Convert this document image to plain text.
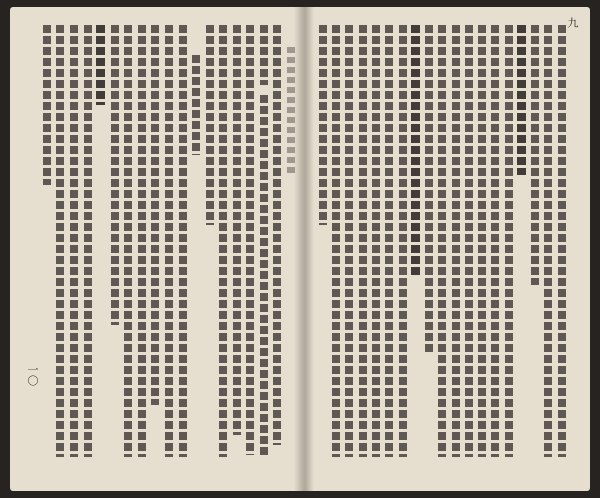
一〇
九
